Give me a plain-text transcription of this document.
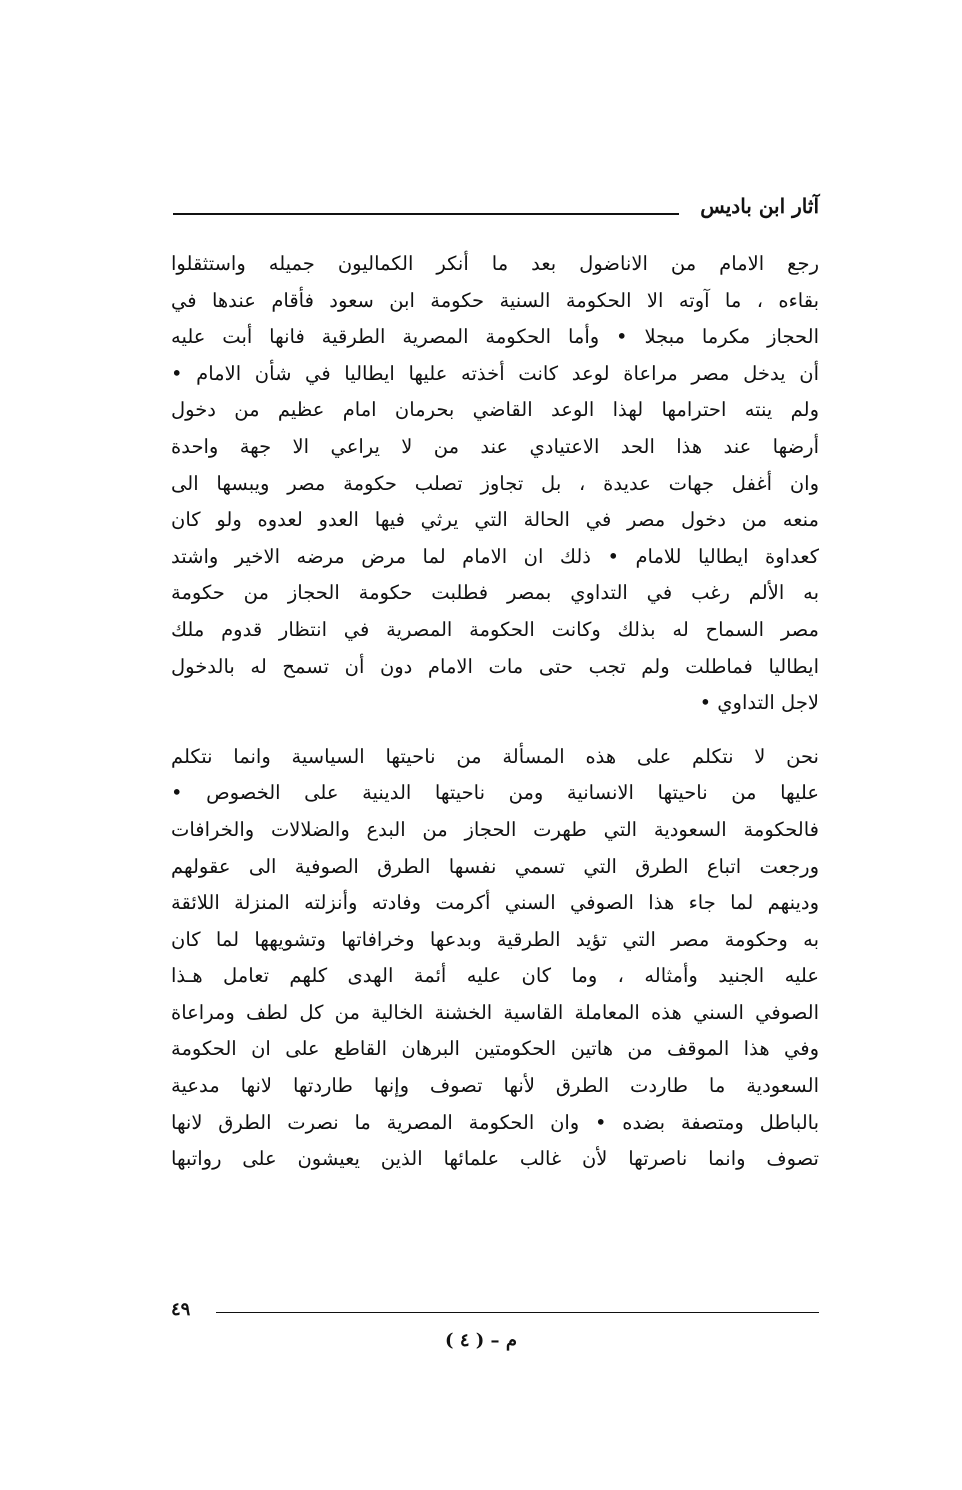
آثار ابن باديس

رجع الامام من الاناضول بعد ما أنكر الكماليون جميله واستثقلوا

بقاءه ، ما آوته الا الحكومة السنية حكومة ابن سعود فأقام عندها في

الحجاز مكرما مبجلا • وأما الحكومة المصرية الطرقية فانها أبت عليه

أن يدخل مصر مراعاة لوعد كانت أخذته عليها ايطاليا في شأن الامام •

ولم ينته احترامها لهذا الوعد القاضي بحرمان امام عظيم من دخول

أرضها عند هذا الحد الاعتيادي عند من لا يراعي الا جهة واحدة

وان أغفل جهات عديدة ، بل تجاوز تصلب حكومة مصر ويبسها الى

منعه من دخول مصر في الحالة التي يرثي فيها العدو لعدوه ولو كان

كعداوة ايطاليا للامام • ذلك ان الامام لما مرض مرضه الاخير واشتد

به الألم رغب في التداوي بمصر فطلبت حكومة الحجاز من حكومة

مصر السماح له بذلك وكانت الحكومة المصرية في انتظار قدوم ملك

ايطاليا فماطلت ولم تجب حتى مات الامام دون أن تسمح له بالدخول

لاجل التداوي •

نحن لا نتكلم على هذه المسألة من ناحيتها السياسية وانما نتكلم

عليها من ناحيتها الانسانية ومن ناحيتها الدينية على الخصوص •

فالحكومة السعودية التي طهرت الحجاز من البدع والضلالات والخرافات

ورجعت اتباع الطرق التي تسمي نفسها الطرق الصوفية الى عقولهم

ودينهم لما جاء هذا الصوفي السني أكرمت وفادته وأنزلته المنزلة اللائقة

به وحكومة مصر التي تؤيد الطرقية وبدعها وخرافاتها وتشويهها لما كان

عليه الجنيد وأمثاله ، وما كان عليه أئمة الهدى كلهم تعامل هـذا

الصوفي السني هذه المعاملة القاسية الخشنة الخالية من كل لطف ومراعاة

وفي هذا الموقف من هاتين الحكومتين البرهان القاطع على ان الحكومة

السعودية ما طاردت الطرق لأنها تصوف وإنها طاردتها لانها مدعية

بالباطل ومتصفة بضده • وان الحكومة المصرية ما نصرت الطرق لانها

تصوف وانما ناصرتها لأن غالب علمائها الذين يعيشون على رواتبها

٤٩
م – ( ٤ )
